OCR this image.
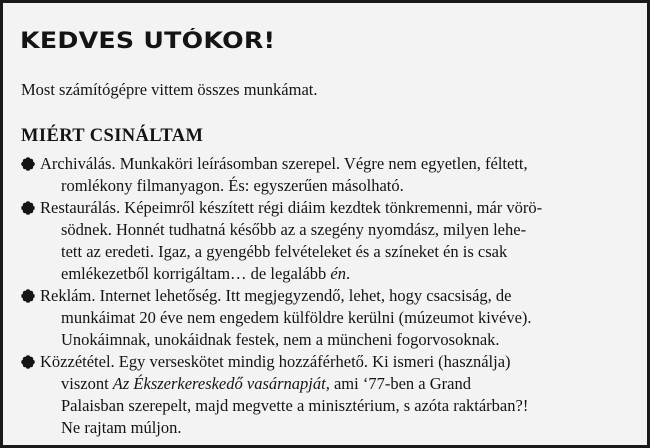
KEDVES UTÓKOR!
Most számítógépre vittem összes munkámat.
MIÉRT CSINÁLTAM
Archiválás. Munkaköri leírásomban szerepel. Végre nem egyetlen, féltett,
romlékony filmanyagon. És: egyszerűen másolható.
Restaurálás. Képeimről készített régi diáim kezdtek tönkremenni, már vörö-
södnek. Honnét tudhatná később az a szegény nyomdász, milyen lehe-
tett az eredeti. Igaz, a gyengébb felvételeket és a színeket én is csak
emlékezetből korrigáltam… de legalább én.
Reklám. Internet lehetőség. Itt megjegyzendő, lehet, hogy csacsiság, de
munkáimat 20 éve nem engedem külföldre kerülni (múzeumot kivéve).
Unokáimnak, unokáidnak festek, nem a müncheni fogorvosoknak.
Közzététel. Egy verseskötet mindig hozzáférhető. Ki ismeri (használja)
viszont Az Ékszerkereskedő vasárnapját, ami ‘77-ben a Grand
Palaisban szerepelt, majd megvette a minisztérium, s azóta raktárban?!
Ne rajtam múljon.
